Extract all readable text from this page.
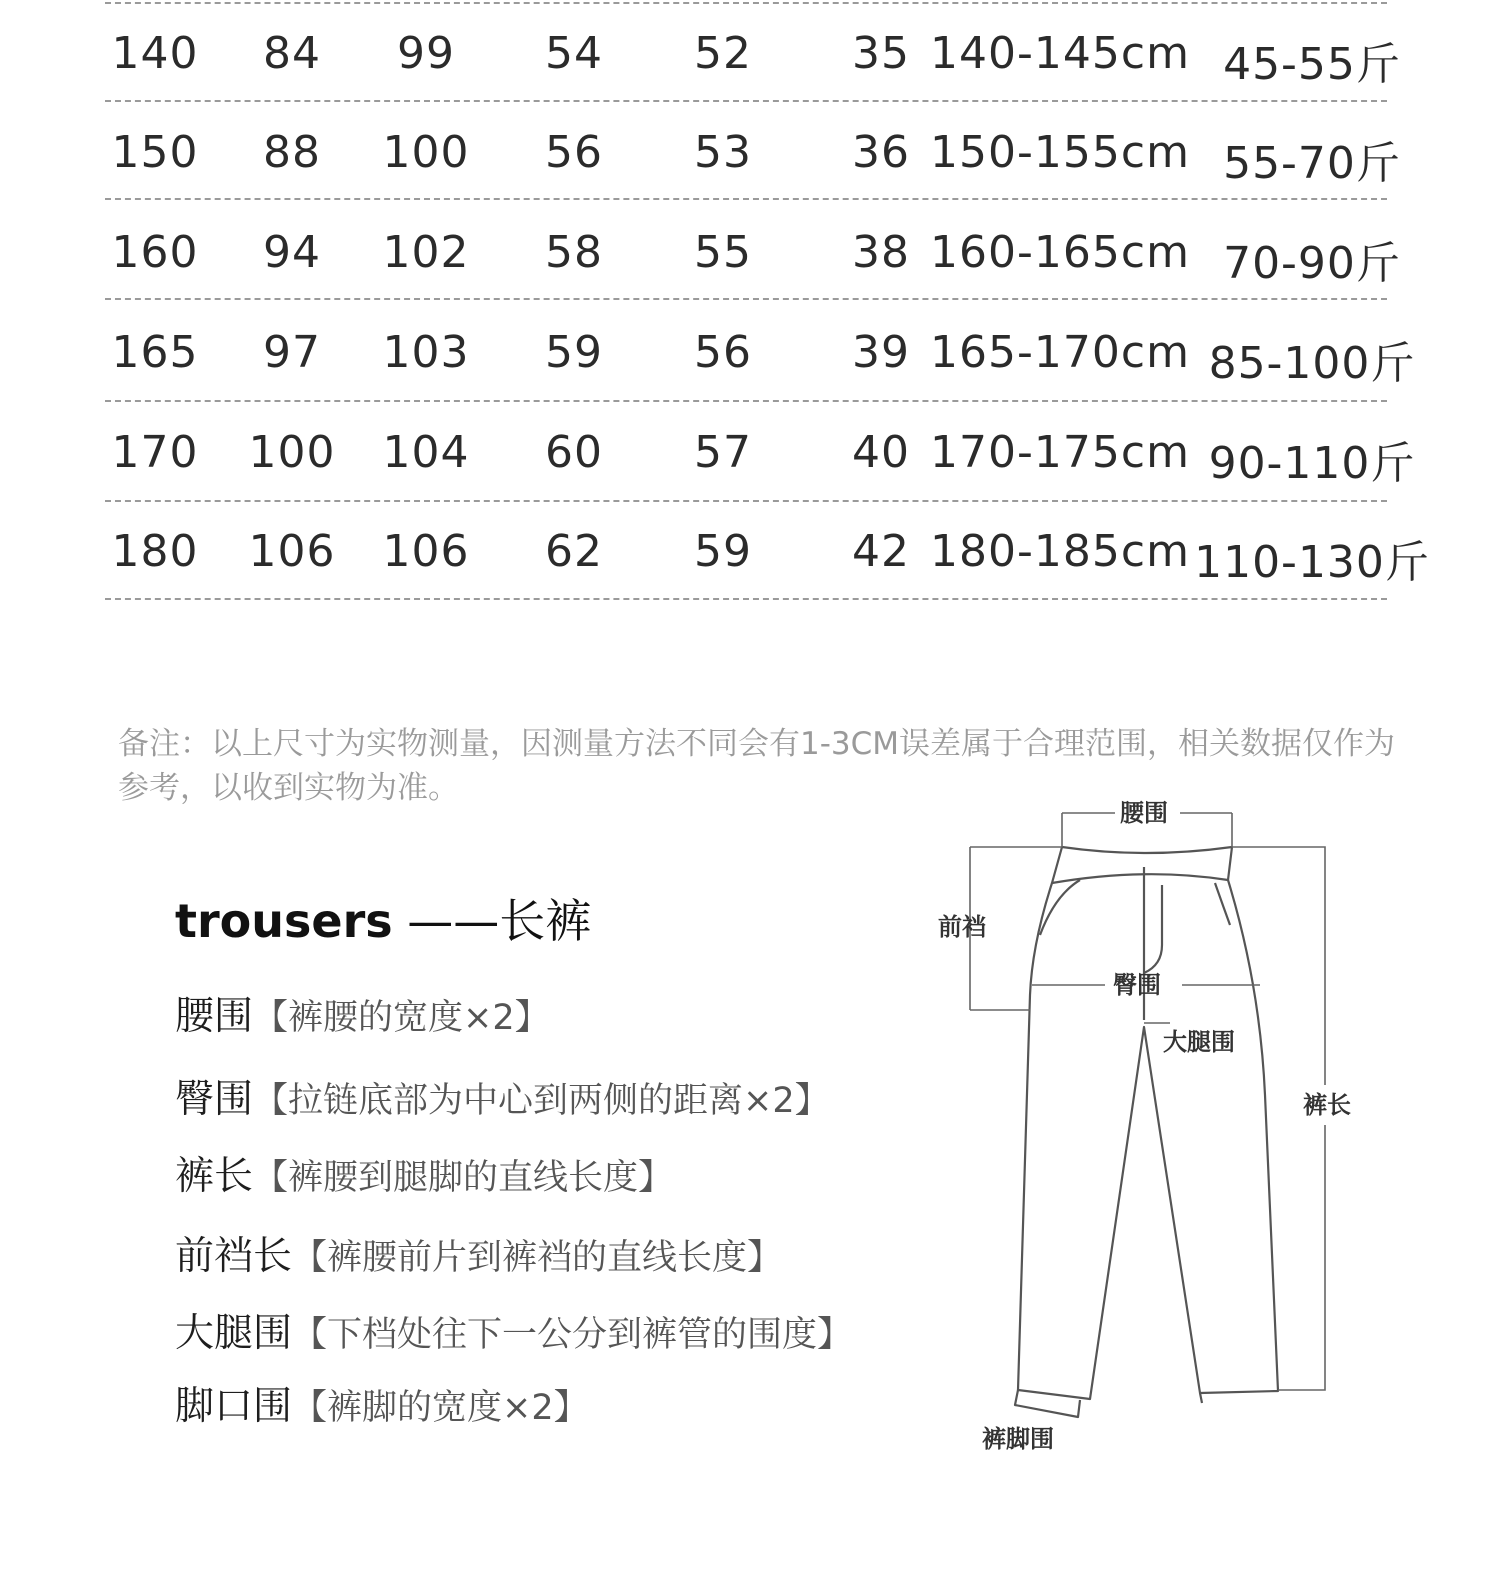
140 84 99 54 52 35 140-145cm 45-55斤
150 88 100 56 53 36 150-155cm 55-70斤
160 94 102 58 55 38 160-165cm 70-90斤
165 97 103 59 56 39 165-170cm 85-100斤
170 100 104 60 57 40 170-175cm 90-110斤
180 106 106 62 59 42 180-185cm 110-130斤
备注：以上尺寸为实物测量，因测量方法不同会有1-3CM误差属于合理范围，相关数据仅作为参考，以收到实物为准。
trousers ——长裤
腰围【裤腰的宽度×2】
臀围【拉链底部为中心到两侧的距离×2】
裤长【裤腰到腿脚的直线长度】
前裆长【裤腰前片到裤裆的直线长度】
大腿围【下档处往下一公分到裤管的围度】
脚口围【裤脚的宽度×2】
腰围
前裆
臀围
大腿围
裤长
裤脚围
